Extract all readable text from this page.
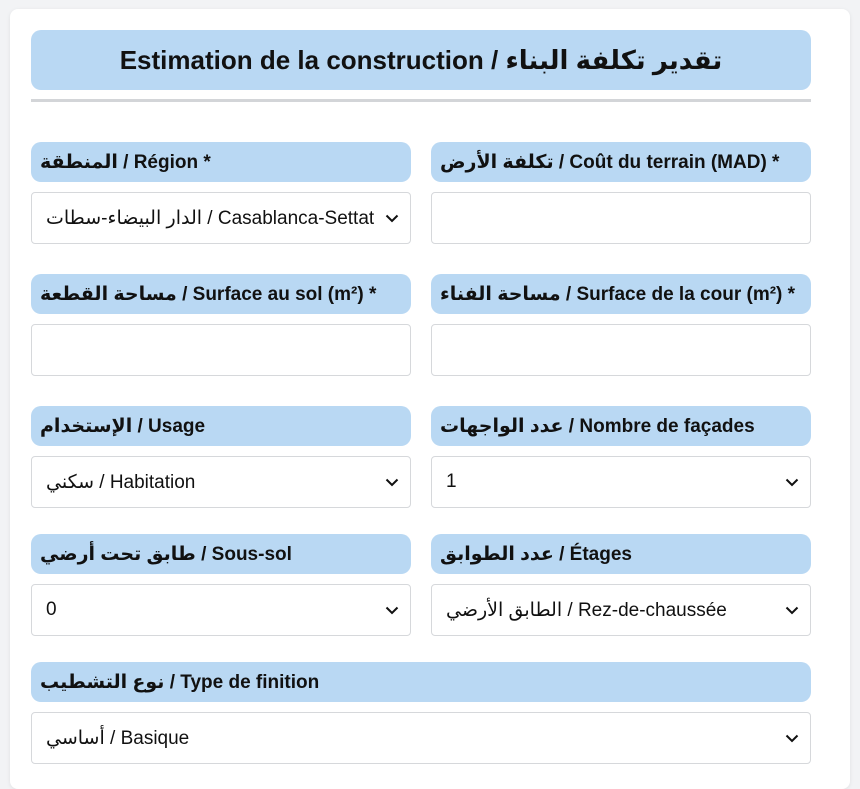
Estimation de la construction / تقدير تكلفة البناء
المنطقة / Région *
الدار البيضاء-سطات / Casablanca-Settat
تكلفة الأرض / Coût du terrain (MAD) *
مساحة القطعة / Surface au sol (m²) *	مساحة الفناء / Surface de la cour (m²) *
الإستخدام / Usage
سكني / Habitation
عدد الواجهات / Nombre de façades
1
طابق تحت أرضي / Sous-sol
0
عدد الطوابق / Étages
الطابق الأرضي / Rez-de-chaussée
نوع التشطيب / Type de finition
أساسي / Basique
